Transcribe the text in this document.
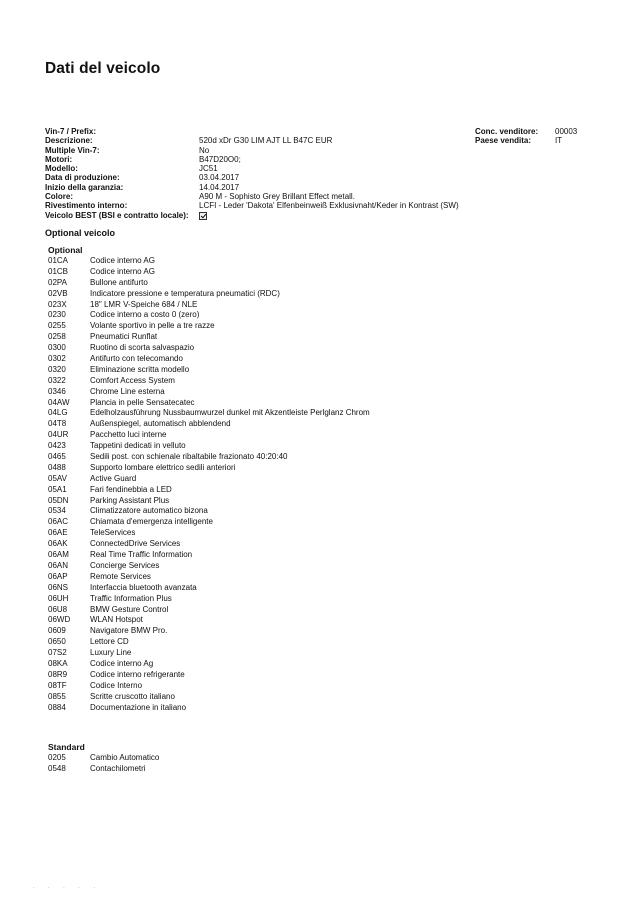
Dati del veicolo
Vin-7 / Prefix:
Descrizione:	520d xDr G30 LIM AJT LL B47C EUR
Multiple Vin-7:	No
Motori:	B47D20O0;
Modello:	JC51
Data di produzione:	03.04.2017
Inizio della garanzia:	14.04.2017
Colore:	A90 M - Sophisto Grey Brillant Effect metall.
Rivestimento interno:	LCFI - Leder 'Dakota' Elfenbeinweiß Exklusivnaht/Keder in Kontrast (SW)
Veicolo BEST (BSI e contratto locale):
Conc. venditore:	00003
Paese vendita:	IT
Optional veicolo
Optional
01CA	Codice interno AG
01CB	Codice interno AG
02PA	Bullone antifurto
02VB	Indicatore pressione e temperatura pneumatici (RDC)
023X	18" LMR V-Speiche 684 / NLE
0230	Codice interno a costo 0 (zero)
0255	Volante sportivo in pelle a tre razze
0258	Pneumatici Runflat
0300	Ruotino di scorta salvaspazio
0302	Antifurto con telecomando
0320	Eliminazione scritta modello
0322	Comfort Access System
0346	Chrome Line esterna
04AW	Plancia in pelle Sensatecatec
04LG	Edelholzausführung Nussbaumwurzel dunkel mit Akzentleiste Perlglanz Chrom
04T8	Außenspiegel, automatisch abblendend
04UR	Pacchetto luci interne
0423	Tappetini dedicati in velluto
0465	Sedili post. con schienale ribaltabile frazionato 40:20:40
0488	Supporto lombare elettrico sedili anteriori
05AV	Active Guard
05A1	Fari fendinebbia a LED
05DN	Parking Assistant Plus
0534	Climatizzatore automatico bizona
06AC	Chiamata d'emergenza intelligente
06AE	TeleServices
06AK	ConnectedDrive Services
06AM	Real Time Traffic Information
06AN	Concierge Services
06AP	Remote Services
06NS	Interfaccia bluetooth avanzata
06UH	Traffic Information Plus
06U8	BMW Gesture Control
06WD	WLAN Hotspot
0609	Navigatore BMW Pro.
0650	Lettore CD
07S2	Luxury Line
08KA	Codice interno Ag
08R9	Codice interno refrigerante
08TF	Codice Interno
0855	Scritte cruscotto italiano
0884	Documentazione in italiano
Standard
0205	Cambio Automatico
0548	Contachilometri
· · · · ·
